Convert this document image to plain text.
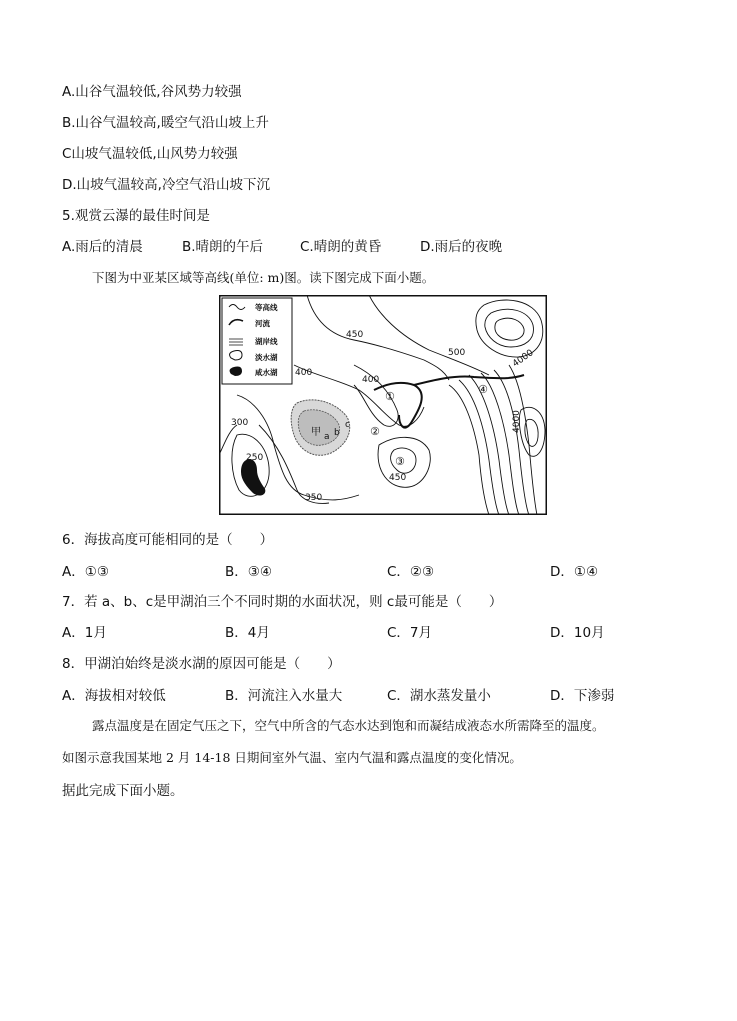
A.山谷气温较低,谷风势力较强
B.山谷气温较高,暖空气沿山坡上升
C山坡气温较低,山风势力较强
D.山坡气温较高,冷空气沿山坡下沉
5.观赏云瀑的最佳时间是
A.雨后的清晨	B.晴朗的午后	C.晴朗的黄昏	D.雨后的夜晚
下图为中亚某区域等高线(单位: m)图。读下图完成下面小题。
等高线
河流
湖岸线
淡水湖
咸水湖
450
500
400
400
300
250
350
450
4000
4000
①
②
③
④
甲 a b
c
6．海拔高度可能相同的是（　　）
A．①③	B．③④	C．②③	D．①④
7．若 a、b、c是甲湖泊三个不同时期的水面状况，则 c最可能是（　　）
A．1月	B．4月	C．7月	D．10月
8．甲湖泊始终是淡水湖的原因可能是（　　）
A．海拔相对较低	B．河流注入水量大	C．湖水蒸发量小	D．下渗弱
露点温度是在固定气压之下，空气中所含的气态水达到饱和而凝结成液态水所需降至的温度。
如图示意我国某地 2 月 14-18 日期间室外气温、室内气温和露点温度的变化情况。
据此完成下面小题。
